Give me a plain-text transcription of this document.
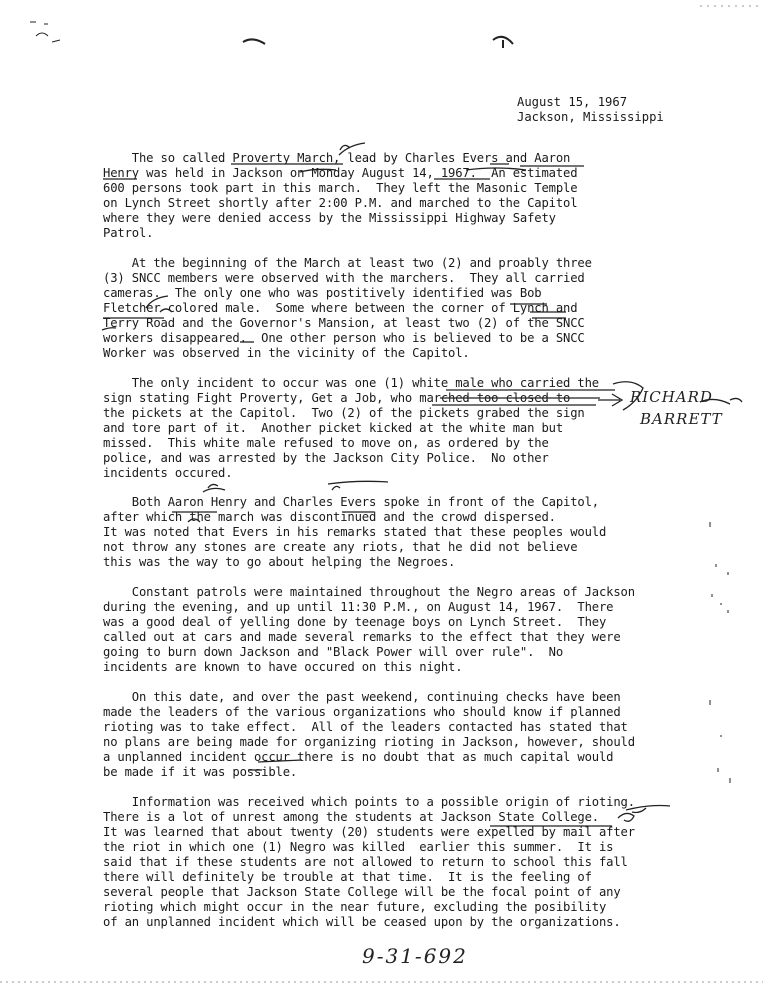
August 15, 1967
Jackson, Mississippi
The so called Proverty March, lead by Charles Evers and Aaron
Henry was held in Jackson on Monday August 14, 1967.  An estimated
600 persons took part in this march.  They left the Masonic Temple
on Lynch Street shortly after 2:00 P.M. and marched to the Capitol
where they were denied access by the Mississippi Highway Safety
Patrol.
At the beginning of the March at least two (2) and proably three
(3) SNCC members were observed with the marchers.  They all carried
cameras.  The only one who was postitively identified was Bob
Fletcher colored male.  Some where between the corner of Lynch and
Terry Road and the Governor's Mansion, at least two (2) of the SNCC
workers disappeared.  One other person who is believed to be a SNCC
Worker was observed in the vicinity of the Capitol.
The only incident to occur was one (1) white male who carried the
sign stating Fight Proverty, Get a Job, who marched too closed to
the pickets at the Capitol.  Two (2) of the pickets grabed the sign
and tore part of it.  Another picket kicked at the white man but
missed.  This white male refused to move on, as ordered by the
police, and was arrested by the Jackson City Police.  No other
incidents occured.
Both Aaron Henry and Charles Evers spoke in front of the Capitol,
after which the march was discontinued and the crowd dispersed.
It was noted that Evers in his remarks stated that these peoples would
not throw any stones are create any riots, that he did not believe
this was the way to go about helping the Negroes.
Constant patrols were maintained throughout the Negro areas of Jackson
during the evening, and up until 11:30 P.M., on August 14, 1967.  There
was a good deal of yelling done by teenage boys on Lynch Street.  They
called out at cars and made several remarks to the effect that they were
going to burn down Jackson and "Black Power will over rule".  No
incidents are known to have occured on this night.
On this date, and over the past weekend, continuing checks have been
made the leaders of the various organizations who should know if planned
rioting was to take effect.  All of the leaders contacted has stated that
no plans are being made for organizing rioting in Jackson, however, should
a unplanned incident occur there is no doubt that as much capital would
be made if it was possible.
Information was received which points to a possible origin of rioting.
There is a lot of unrest among the students at Jackson State College.
It was learned that about twenty (20) students were expelled by mail after
the riot in which one (1) Negro was killed  earlier this summer.  It is
said that if these students are not allowed to return to school this fall
there will definitely be trouble at that time.  It is the feeling of
several people that Jackson State College will be the focal point of any
rioting which might occur in the near future, excluding the posibility
of an unplanned incident which will be ceased upon by the organizations.
RICHARD
BARRETT
9-31-692
